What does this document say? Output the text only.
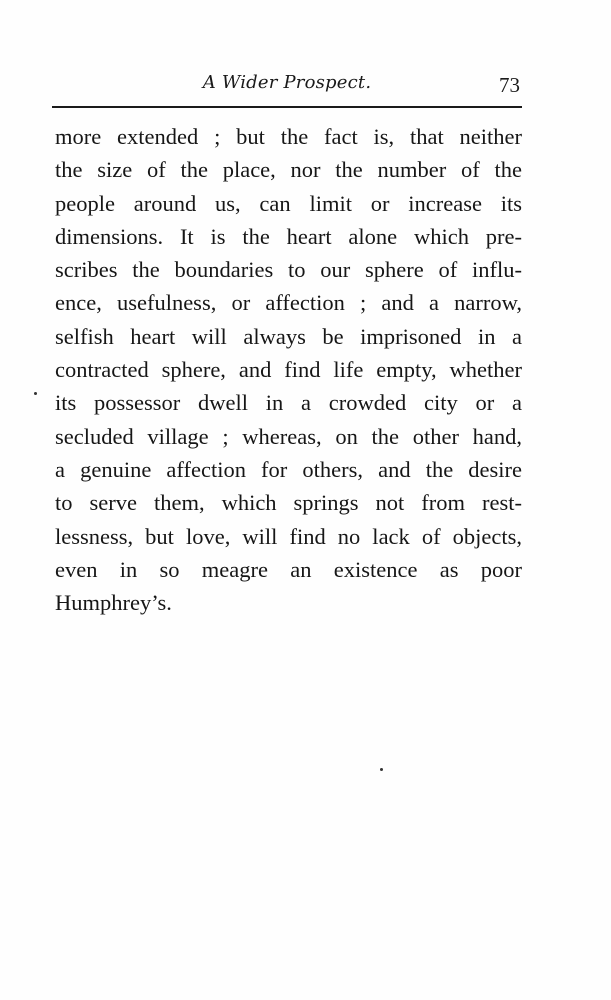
A Wider Prospect.	73
more extended ; but the fact is, that neither
the size of the place, nor the number of the
people around us, can limit or increase its
dimensions. It is the heart alone which pre-
scribes the boundaries to our sphere of influ-
ence, usefulness, or affection ; and a narrow,
selfish heart will always be imprisoned in a
contracted sphere, and find life empty, whether
its possessor dwell in a crowded city or a
secluded village ; whereas, on the other hand,
a genuine affection for others, and the desire
to serve them, which springs not from rest-
lessness, but love, will find no lack of objects,
even in so meagre an existence as poor
Humphrey’s.
